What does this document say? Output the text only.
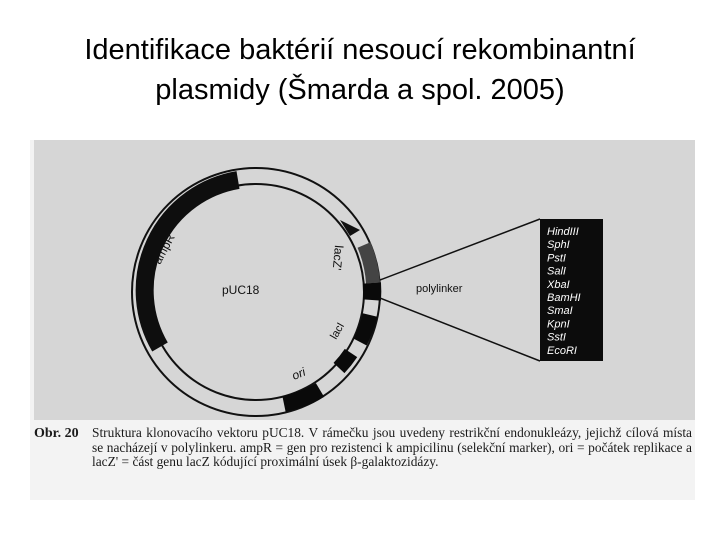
Identifikace baktérií nesoucí rekombinantní
plasmidy (Šmarda a spol. 2005)
pUC18
ampR	lacZ'
lacI
ori
polylinker
HindIII
SphI
PstI
SalI
XbaI
BamHI
SmaI
KpnI
SstI
EcoRI
Obr. 20 Struktura klonovacího vektoru pUC18. V rámečku jsou uvedeny restrikční endonukleázy, jejichž cílová místa se nacházejí v polylinkeru. ampR = gen pro rezistenci k ampicilinu (selekční marker), ori = počátek replikace a lacZ' = část genu lacZ kódující proximální úsek β-galaktozidázy.
